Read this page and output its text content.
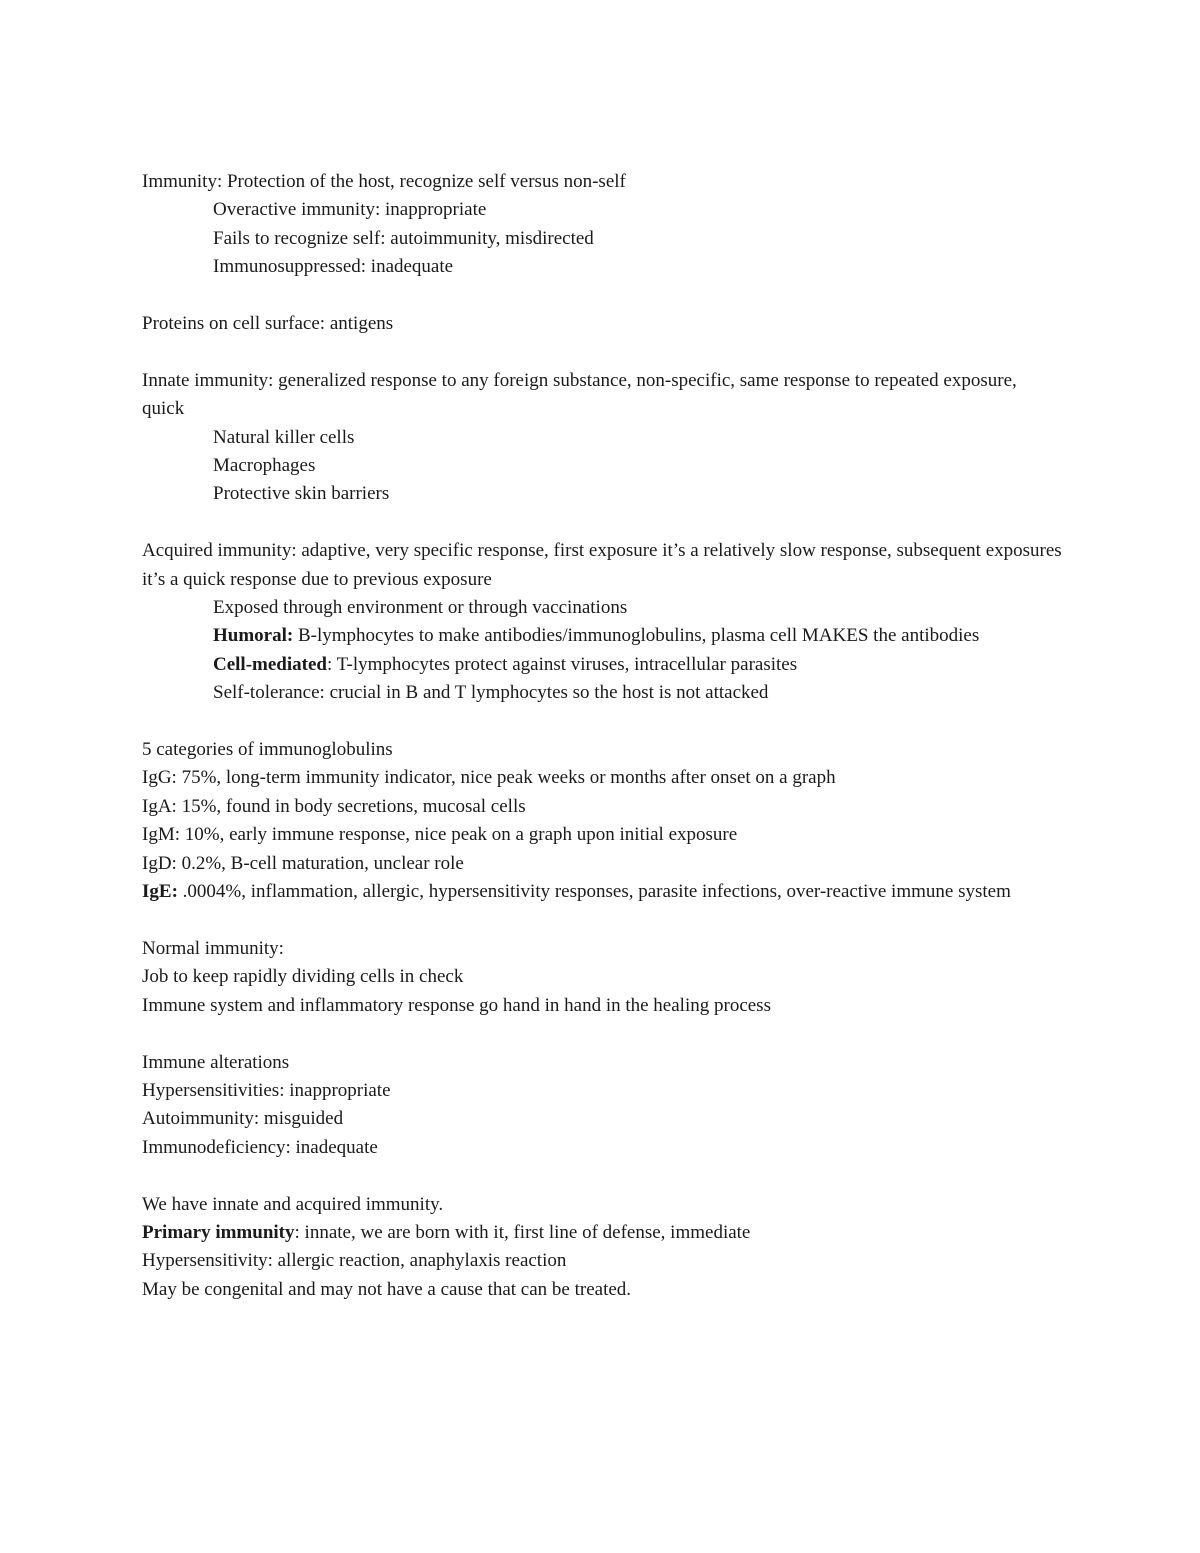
Immunity: Protection of the host, recognize self versus non-self
Overactive immunity: inappropriate
Fails to recognize self: autoimmunity, misdirected
Immunosuppressed: inadequate
Proteins on cell surface: antigens
Innate immunity: generalized response to any foreign substance, non-specific, same response to repeated exposure, quick
Natural killer cells
Macrophages
Protective skin barriers
Acquired immunity: adaptive, very specific response, first exposure it’s a relatively slow response, subsequent exposures it’s a quick response due to previous exposure
Exposed through environment or through vaccinations
Humoral: B-lymphocytes to make antibodies/immunoglobulins, plasma cell MAKES the antibodies
Cell-mediated: T-lymphocytes protect against viruses, intracellular parasites
Self-tolerance: crucial in B and T lymphocytes so the host is not attacked
5 categories of immunoglobulins
IgG: 75%, long-term immunity indicator, nice peak weeks or months after onset on a graph
IgA: 15%, found in body secretions, mucosal cells
IgM: 10%, early immune response, nice peak on a graph upon initial exposure
IgD: 0.2%, B-cell maturation, unclear role
IgE: .0004%, inflammation, allergic, hypersensitivity responses, parasite infections, over-reactive immune system
Normal immunity:
Job to keep rapidly dividing cells in check
Immune system and inflammatory response go hand in hand in the healing process
Immune alterations
Hypersensitivities: inappropriate
Autoimmunity: misguided
Immunodeficiency: inadequate
We have innate and acquired immunity.
Primary immunity: innate, we are born with it, first line of defense, immediate
Hypersensitivity: allergic reaction, anaphylaxis reaction
May be congenital and may not have a cause that can be treated.
